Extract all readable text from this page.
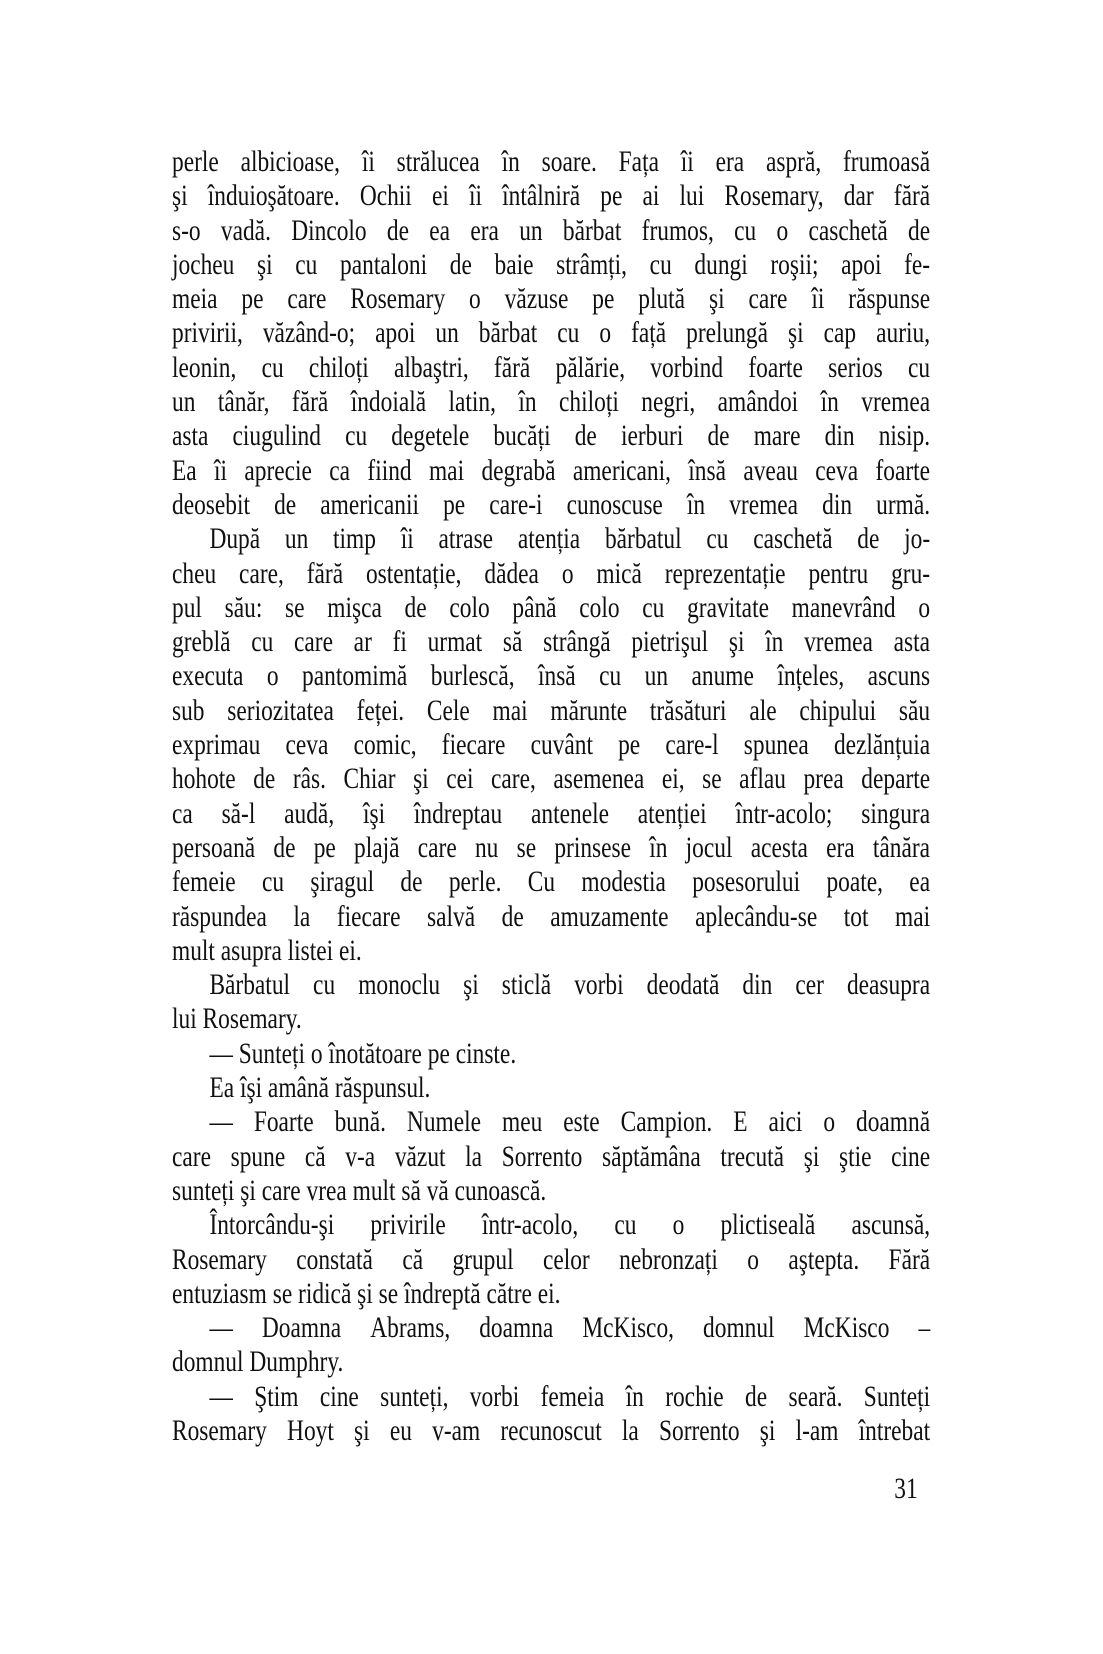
perle albicioase, îi strălucea în soare. Fața îi era aspră, frumoasă
şi înduioşătoare. Ochii ei îi întâlniră pe ai lui Rosemary, dar fără
s-o vadă. Dincolo de ea era un bărbat frumos, cu o caschetă de
jocheu şi cu pantaloni de baie strâmți, cu dungi roşii; apoi fe-
meia pe care Rosemary o văzuse pe plută şi care îi răspunse
privirii, văzând-o; apoi un bărbat cu o față prelungă şi cap auriu,
leonin, cu chiloți albaştri, fără pălărie, vorbind foarte serios cu
un tânăr, fără îndoială latin, în chiloți negri, amândoi în vremea
asta ciugulind cu degetele bucăți de ierburi de mare din nisip.
Ea îi aprecie ca fiind mai degrabă americani, însă aveau ceva foarte
deosebit de americanii pe care-i cunoscuse în vremea din urmă.
După un timp îi atrase atenția bărbatul cu caschetă de jo-
cheu care, fără ostentație, dădea o mică reprezentație pentru gru-
pul său: se mişca de colo până colo cu gravitate manevrând o
greblă cu care ar fi urmat să strângă pietrişul şi în vremea asta
executa o pantomimă burlescă, însă cu un anume înțeles, ascuns
sub seriozitatea feței. Cele mai mărunte trăsături ale chipului său
exprimau ceva comic, fiecare cuvânt pe care-l spunea dezlănțuia
hohote de râs. Chiar şi cei care, asemenea ei, se aflau prea departe
ca să-l audă, îşi îndreptau antenele atenției într-acolo; singura
persoană de pe plajă care nu se prinsese în jocul acesta era tânăra
femeie cu şiragul de perle. Cu modestia posesorului poate, ea
răspundea la fiecare salvă de amuzamente aplecându-se tot mai
mult asupra listei ei.
Bărbatul cu monoclu şi sticlă vorbi deodată din cer deasupra
lui Rosemary.
— Sunteți o înotătoare pe cinste.
Ea îşi amână răspunsul.
— Foarte bună. Numele meu este Campion. E aici o doamnă
care spune că v-a văzut la Sorrento săptămâna trecută şi ştie cine
sunteți şi care vrea mult să vă cunoască.
Întorcându-şi privirile într-acolo, cu o plictiseală ascunsă,
Rosemary constată că grupul celor nebronzați o aştepta. Fără
entuziasm se ridică şi se îndreptă către ei.
— Doamna Abrams, doamna McKisco, domnul McKisco –
domnul Dumphry.
— Ştim cine sunteți, vorbi femeia în rochie de seară. Sunteți
Rosemary Hoyt şi eu v-am recunoscut la Sorrento şi l-am întrebat
31
